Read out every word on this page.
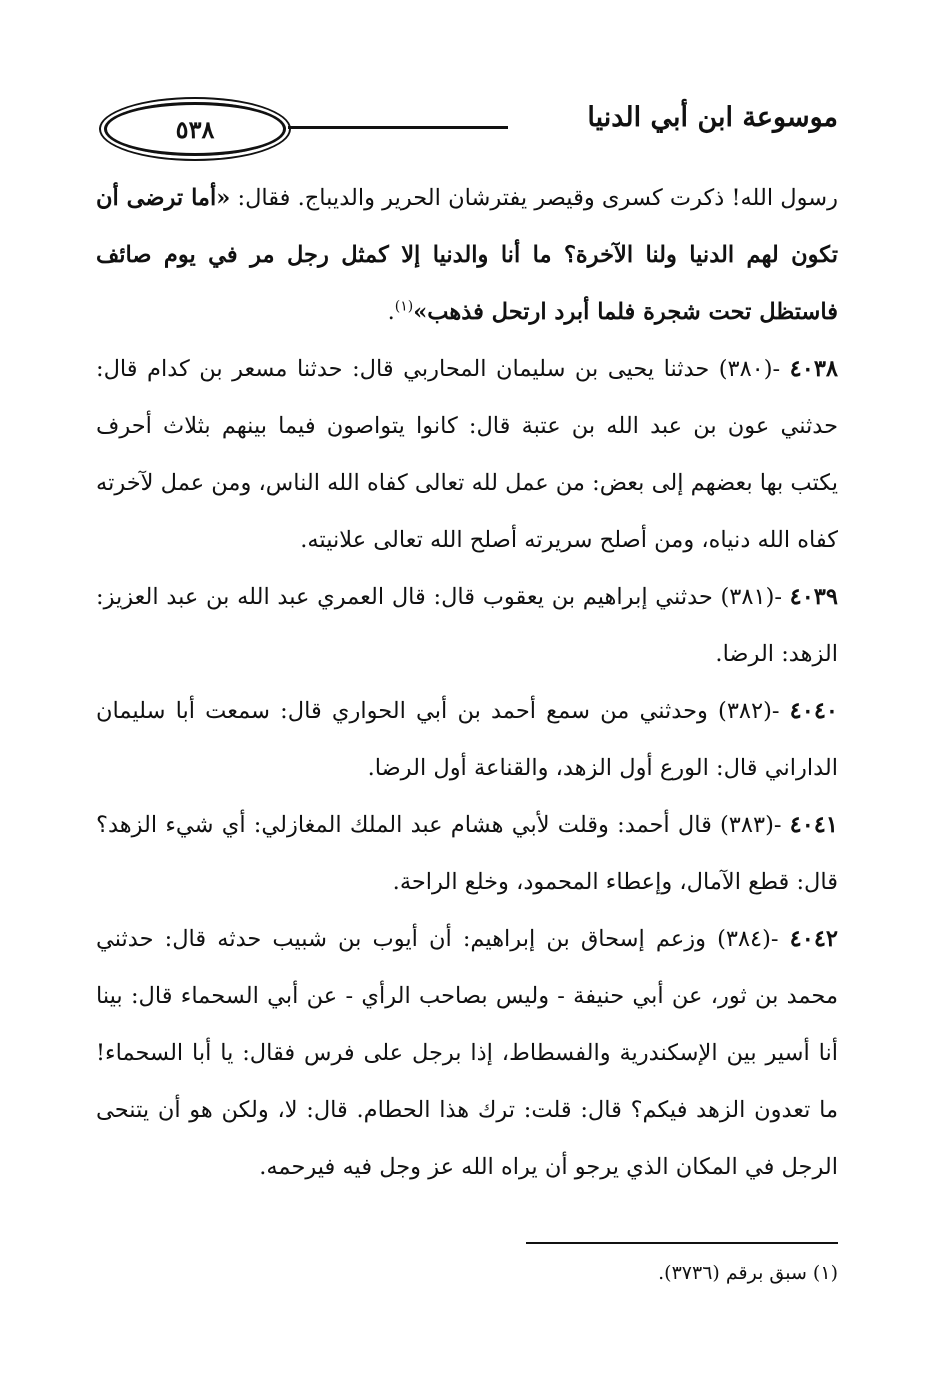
٥٣٨	موسوعة ابن أبي الدنيا

رسول الله! ذكرت كسرى وقيصر يفترشان الحرير والديباج. فقال: «أما ترضى أن تكون لهم الدنيا ولنا الآخرة؟ ما أنا والدنيا إلا كمثل رجل مر في يوم صائف فاستظل تحت شجرة فلما أبرد ارتحل فذهب»$^{(١)}$.

٤٠٣٨ -(٣٨٠) حدثنا يحيى بن سليمان المحاربي قال: حدثنا مسعر بن كدام قال: حدثني عون بن عبد الله بن عتبة قال: كانوا يتواصون فيما بينهم بثلاث أحرف يكتب بها بعضهم إلى بعض: من عمل لله تعالى كفاه الله الناس، ومن عمل لآخرته كفاه الله دنياه، ومن أصلح سريرته أصلح الله تعالى علانيته.

٤٠٣٩ -(٣٨١) حدثني إبراهيم بن يعقوب قال: قال العمري عبد الله بن عبد العزيز: الزهد: الرضا.

٤٠٤٠ -(٣٨٢) وحدثني من سمع أحمد بن أبي الحواري قال: سمعت أبا سليمان الداراني قال: الورع أول الزهد، والقناعة أول الرضا.

٤٠٤١ -(٣٨٣) قال أحمد: وقلت لأبي هشام عبد الملك المغازلي: أي شيء الزهد؟ قال: قطع الآمال، وإعطاء المحمود، وخلع الراحة.

٤٠٤٢ -(٣٨٤) وزعم إسحاق بن إبراهيم: أن أيوب بن شبيب حدثه قال: حدثني محمد بن ثور، عن أبي حنيفة - وليس بصاحب الرأي - عن أبي السحماء قال: بينا أنا أسير بين الإسكندرية والفسطاط، إذا برجل على فرس فقال: يا أبا السحماء! ما تعدون الزهد فيكم؟ قال: قلت: ترك هذا الحطام. قال: لا، ولكن هو أن يتنحى الرجل في المكان الذي يرجو أن يراه الله عز وجل فيه فيرحمه.

(١) سبق برقم (٣٧٣٦).
